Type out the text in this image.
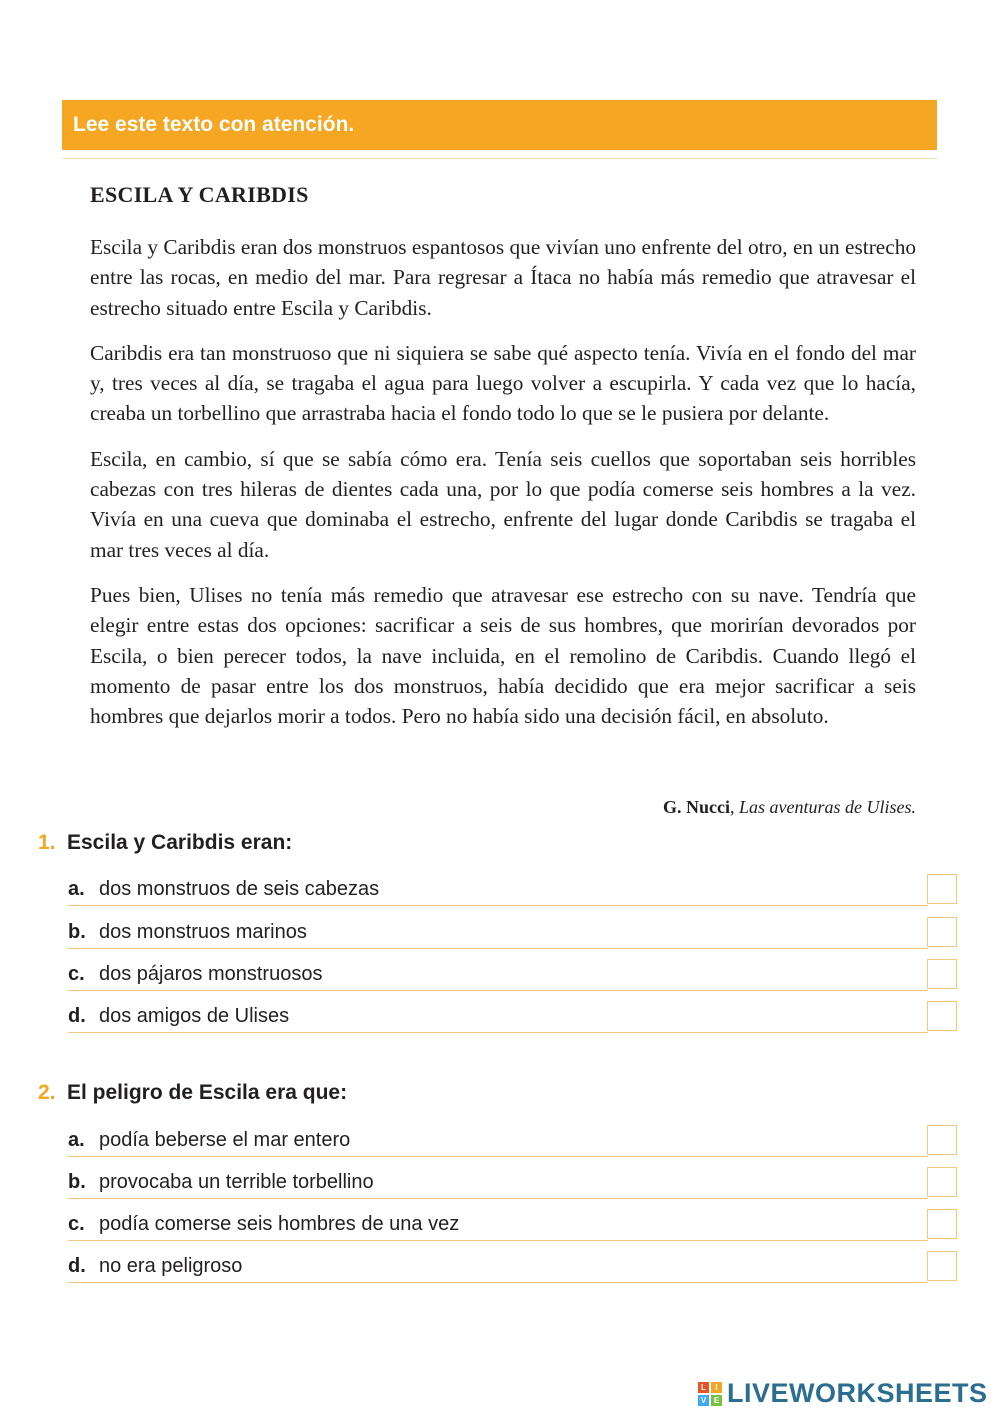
Lee este texto con atención.
ESCILA Y CARIBDIS

Escila y Caribdis eran dos monstruos espantosos que vivían uno enfrente del otro, en un estrecho entre las rocas, en medio del mar. Para regresar a Ítaca no había más remedio que atravesar el estrecho situado entre Escila y Caribdis.

Caribdis era tan monstruoso que ni siquiera se sabe qué aspecto tenía. Vivía en el fondo del mar y, tres veces al día, se tragaba el agua para luego volver a escupirla. Y cada vez que lo hacía, creaba un torbellino que arrastraba hacia el fondo todo lo que se le pusiera por delante.

Escila, en cambio, sí que se sabía cómo era. Tenía seis cuellos que soportaban seis horribles cabezas con tres hileras de dientes cada una, por lo que podía comerse seis hombres a la vez. Vivía en una cueva que dominaba el estrecho, enfrente del lugar donde Caribdis se tragaba el mar tres veces al día.

Pues bien, Ulises no tenía más remedio que atravesar ese estrecho con su nave. Tendría que elegir entre estas dos opciones: sacrificar a seis de sus hombres, que morirían devorados por Escila, o bien perecer todos, la nave incluida, en el remolino de Caribdis. Cuando llegó el momento de pasar entre los dos monstruos, había decidido que era mejor sacrificar a seis hombres que dejarlos morir a todos. Pero no había sido una decisión fácil, en absoluto.

G. Nucci, Las aventuras de Ulises.
1. Escila y Caribdis eran:
a. dos monstruos de seis cabezas
b. dos monstruos marinos
c. dos pájaros monstruosos
d. dos amigos de Ulises
2. El peligro de Escila era que:
a. podía beberse el mar entero
b. provocaba un terrible torbellino
c. podía comerse seis hombres de una vez
d. no era peligroso
L	I
V E LIVEWORKSHEETS
